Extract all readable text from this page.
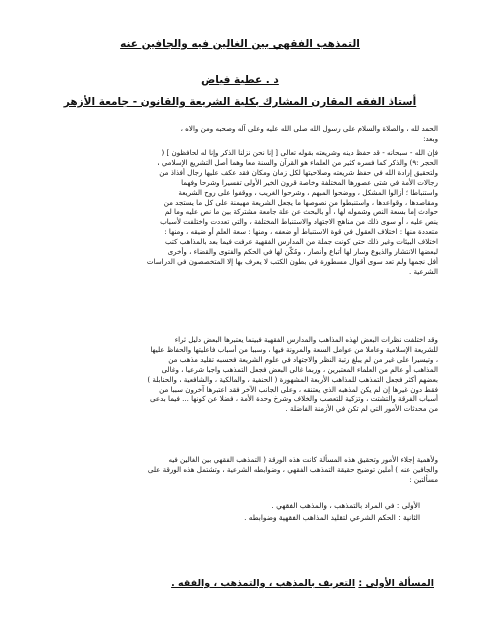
التمذهب الفقهي بين الغالين فيه والجافين عنه
د . عطية فياض
أستاذ الفقه المقارن المشارك بكلية الشريعة والقانون - جامعة الأزهر
الحمد لله ، والصلاة والسلام على رسول الله صلى الله عليه وعلى آله وصحبه ومن والاه ،
وبعد:
فإن الله - سبحانه - قد حفظ دينه وشريعته بقوله تعالى [ إنا نحن نزلنا الذكر وإنا له لحافظون ] (
الحجر :٩) والذكر كما فسره كثير من العلماء هو القرآن والسنة معا وهما أصل التشريع الإسلامي ،
ولتحقيق إرادة الله في حفظ شريعته وصلاحيتها لكل زمان ومكان فقد عكف عليها رجال أفذاذ من
رجالات الأمة في شتى عصورها المختلفة وخاصة قرون الخير الأولى تفسيرا وشرحا وفهما
واستنباطا ؛ أزالوا المشكل ، ووضحوا المبهم ، وشرحوا الغريب ، ووقفوا على روح الشريعة
ومقاصدها ، وقواعدها ، واستنبطوا من نصوصها ما يجعل الشريعة مهيمنة على كل ما يستجد من
حوادث إما بسعة النص وشموله لها ، أو بالبحث عن علة جامعة مشتركة بين ما نص عليه وما لم
ينص عليه ، أو سوى ذلك من مناهج الاجتهاد والاستنباط المختلفة ، والتي تعددت واختلفت لأسباب
متعددة منها : اختلاف العقول في قوة الاستنباط أو ضعفه ، ومنها : سعة العلم أو ضيقه ، ومنها :
اختلاف البيئات وغير ذلك حتى كونت جملة من المدارس الفقهية عرفت فيما بعد بالمذاهب كتب
لبعضها الانتشار والذيوع وسار لها أتباع وأنصار ، ومُكّن لها في الحكم والفتوى والقضاء ، وأخرى
أفل نجمها ولم تعد سوى أقوال مسطورة في بطون الكتب لا يعرف بها إلا المتخصصون في الدراسات
الشرعية .
وقد اختلفت نظرات البعض لهذه المذاهب والمدارس الفقهية فبينما يعتبرها البعض دليل ثراء
للشريعة الإسلامية وعاملا من عوامل السعة والمرونة فيها ، وسببا من أسباب فاعليتها والحفاظ عليها
، وتيسيرا على غير من لم يبلغ رتبة النظر والاجتهاد في علوم الشريعة فحسبه تقليد مذهب من
المذاهب أو عالم من العلماء المعتبرين ، وربما غالى البعض فجعل التمذهب واجبا شرعيا ، وغالى
بعضهم أكثر فجعل التمذهب للمذاهب الأربعة المشهورة ( الحنفية ، والمالكية ، والشافعية ، والحنابلة )
فقط دون غيرها إن لم يكن لمذهبه الذي يعتنقه ، وعلى الجانب الآخر فقد اعتبرها آخرون سببا من
أسباب الفرقة والتشتت ، وتزكية للتعصب والخلاف وشرخ وحدة الأمة ، فضلا عن كونها ... فيما بدعى
من محدثات الأمور التي لم تكن في الأزمنة الفاضلة .
ولأهمية إجلاء الأمور وتحقيق هذه المسألة كانت هذه الورقة ( التمذهب الفقهي بين الغالين فيه
والجافين عنه ) أملين توضيح حقيقة التمذهب الفقهي ، وضوابطه الشرعية ، وتشتمل هذه الورقة على
مسألتين :
الأولى : في المراد بالتمذهب ، والمذهب الفقهي .
الثانية : الحكم الشرعي لتقليد المذاهب الفقهية وضوابطه .
المسألة الأولى : التعريف بالمذهب ، والتمذهب ، والفقه .
